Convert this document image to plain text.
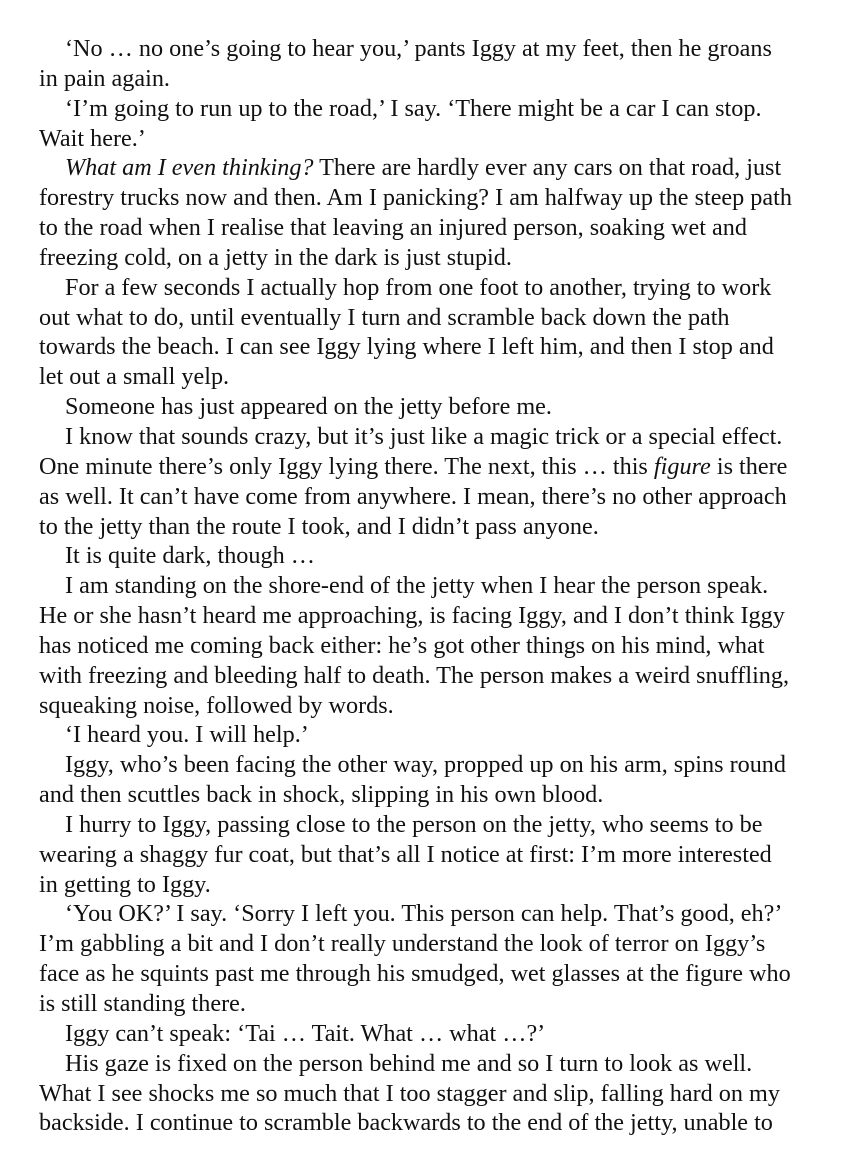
‘No … no one’s going to hear you,’ pants Iggy at my feet, then he groans
in pain again.

‘I’m going to run up to the road,’ I say. ‘There might be a car I can stop.
Wait here.’

What am I even thinking? There are hardly ever any cars on that road, just
forestry trucks now and then. Am I panicking? I am halfway up the steep path
to the road when I realise that leaving an injured person, soaking wet and
freezing cold, on a jetty in the dark is just stupid.

For a few seconds I actually hop from one foot to another, trying to work
out what to do, until eventually I turn and scramble back down the path
towards the beach. I can see Iggy lying where I left him, and then I stop and
let out a small yelp.

Someone has just appeared on the jetty before me.

I know that sounds crazy, but it’s just like a magic trick or a special effect.
One minute there’s only Iggy lying there. The next, this … this figure is there
as well. It can’t have come from anywhere. I mean, there’s no other approach
to the jetty than the route I took, and I didn’t pass anyone.

It is quite dark, though …

I am standing on the shore-end of the jetty when I hear the person speak.
He or she hasn’t heard me approaching, is facing Iggy, and I don’t think Iggy
has noticed me coming back either: he’s got other things on his mind, what
with freezing and bleeding half to death. The person makes a weird snuffling,
squeaking noise, followed by words.

‘I heard you. I will help.’

Iggy, who’s been facing the other way, propped up on his arm, spins round
and then scuttles back in shock, slipping in his own blood.

I hurry to Iggy, passing close to the person on the jetty, who seems to be
wearing a shaggy fur coat, but that’s all I notice at first: I’m more interested
in getting to Iggy.

‘You OK?’ I say. ‘Sorry I left you. This person can help. That’s good, eh?’
I’m gabbling a bit and I don’t really understand the look of terror on Iggy’s
face as he squints past me through his smudged, wet glasses at the figure who
is still standing there.

Iggy can’t speak: ‘Tai … Tait. What … what …?’

His gaze is fixed on the person behind me and so I turn to look as well.
What I see shocks me so much that I too stagger and slip, falling hard on my
backside. I continue to scramble backwards to the end of the jetty, unable to
